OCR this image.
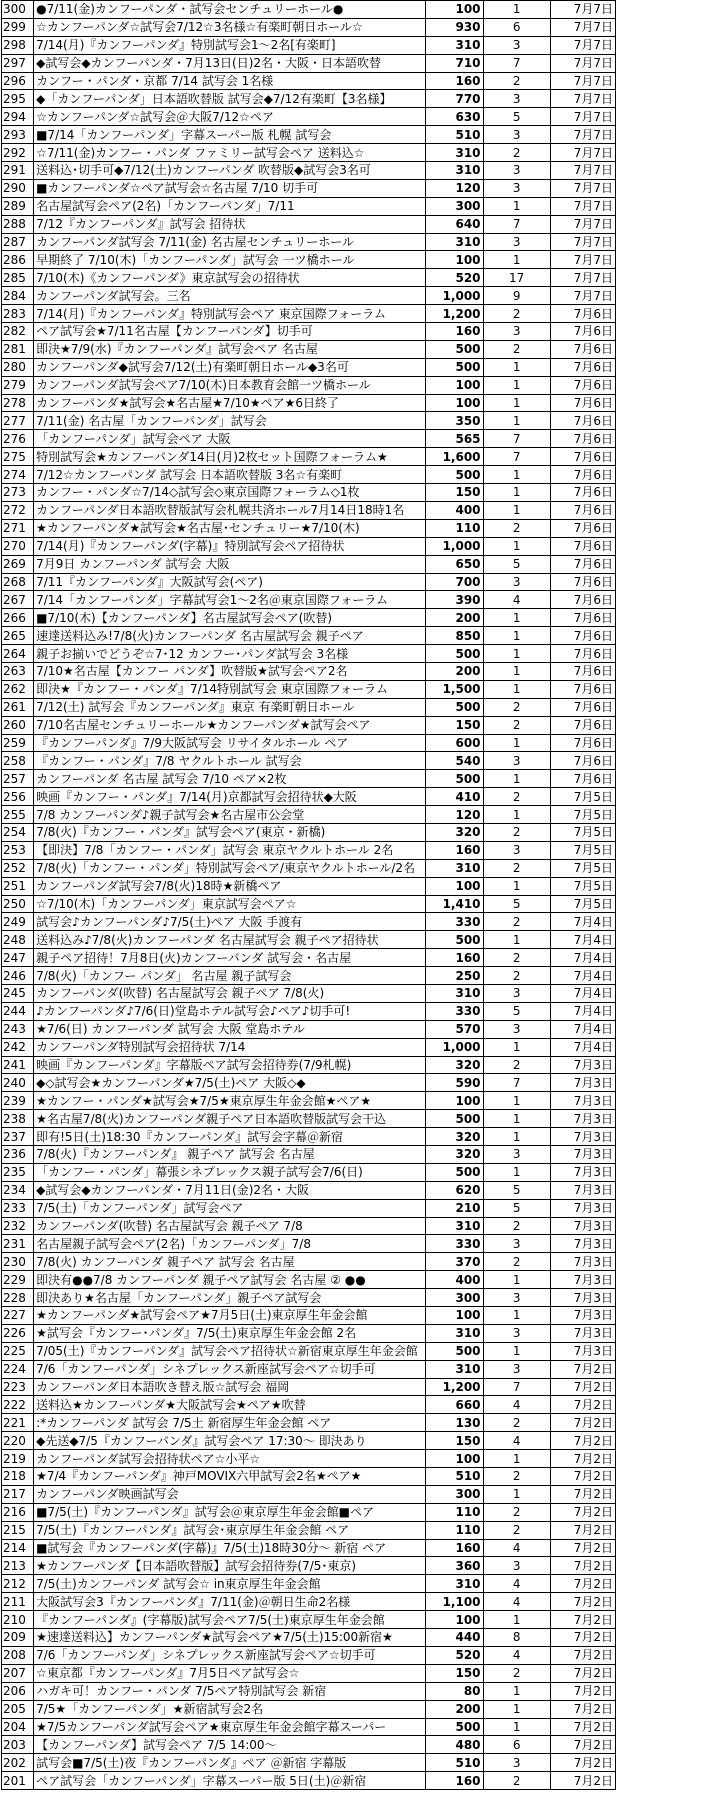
300	●7/11(金)カンフーパンダ・試写会センチュリーホール●	100	1	7月7日
299	☆カンフーパンダ☆試写会7/12☆3名様☆有楽町朝日ホール☆	930	6	7月7日
298	7/14(月)『カンフーパンダ』特別試写会1～2名[有楽町]	310	3	7月7日
297	◆試写会◆カンフーパンダ・7月13日(日)2名・大阪・日本語吹替	710	7	7月7日
296	カンフー・パンダ・京都 7/14 試写会 1名様	160	2	7月7日
295	◆「カンフーパンダ」日本語吹替版 試写会◆7/12有楽町【3名様】	770	3	7月7日
294	☆カンフーパンダ☆試写会＠大阪7/12☆ペア	630	5	7月7日
293	■7/14「カンフーパンダ」字幕スーパー版 札幌 試写会	510	3	7月7日
292	☆7/11(金)カンフー・パンダ ファミリー試写会ペア 送料込☆	310	2	7月7日
291	送料込･切手可◆7/12(土)カンフーパンダ 吹替版◆試写会3名可	310	3	7月7日
290	■カンフーパンダ☆ペア試写会☆名古屋 7/10 切手可	120	3	7月7日
289	名古屋試写会ペア(2名)「カンフーパンダ」7/11	300	1	7月7日
288	7/12『カンフーパンダ』試写会 招待状	640	7	7月7日
287	カンフーパンダ試写会 7/11(金) 名古屋センチュリーホール	310	3	7月7日
286	早期終了 7/10(木)「カンフーパンダ」試写会 一ツ橋ホール	100	1	7月7日
285	7/10(木)《カンフーパンダ》東京試写会の招待状	520	17	7月7日
284	カンフーパンダ試写会。三名	1,000	9	7月7日
283	7/14(月)『カンフーパンダ』特別試写会ペア 東京国際フォーラム	1,200	2	7月6日
282	ペア試写会★7/11名古屋【カンフーパンダ】切手可	160	3	7月6日
281	即決★7/9(水)『カンフーパンダ』試写会ペア 名古屋	500	2	7月6日
280	カンフーパンダ◆試写会7/12(土)有楽町朝日ホール◆3名可	500	1	7月6日
279	カンフーパンダ試写会ペア7/10(木)日本教育会館一ツ橋ホール	100	1	7月6日
278	カンフーパンダ★試写会★名古屋★7/10★ペア★6日終了	100	1	7月6日
277	7/11(金) 名古屋「カンフーパンダ」試写会	350	1	7月6日
276	「カンフーパンダ」試写会ペア 大阪	565	7	7月6日
275	特別試写会★カンフーパンダ14日(月)2枚セット国際フォーラム★	1,600	7	7月6日
274	7/12☆カンフーパンダ 試写会 日本語吹替版 3名☆有楽町	500	1	7月6日
273	カンフー・パンダ☆7/14◇試写会◇東京国際フォーラム◇1枚	150	1	7月6日
272	カンフーパンダ日本語吹替版試写会札幌共済ホール7月14日18時1名	400	1	7月6日
271	★カンフーパンダ★試写会★名古屋･センチュリー★7/10(木)	110	2	7月6日
270	7/14(月)『カンフーパンダ(字幕)』特別試写会ペア招待状	1,000	1	7月6日
269	7月9日 カンフーパンダ 試写会 大阪	650	5	7月6日
268	7/11『カンフーパンダ』大阪試写会(ペア)	700	3	7月6日
267	7/14「カンフーパンダ」字幕試写会1～2名＠東京国際フォーラム	390	4	7月6日
266	■7/10(木)【カンフーパンダ】名古屋試写会ペア(吹替)	200	1	7月6日
265	速達送料込み!7/8(火)カンフーパンダ 名古屋試写会 親子ペア	850	1	7月6日
264	親子お揃いでどうぞ☆7･12 カンフー･パンダ試写会 3名様	500	1	7月6日
263	7/10★名古屋【カンフー パンダ】吹替版★試写会ペア2名	200	1	7月6日
262	即決★『カンフー・パンダ』7/14特別試写会 東京国際フォーラム	1,500	1	7月6日
261	7/12(土) 試写会『カンフーパンダ』東京 有楽町朝日ホール	500	2	7月6日
260	7/10名古屋センチュリーホール★カンフーパンダ★試写会ペア	150	2	7月6日
259	『カンフーパンダ』7/9大阪試写会 リサイタルホール ペア	600	1	7月6日
258	『カンフー・パンダ』7/8 ヤクルトホール 試写会	540	3	7月6日
257	カンフーパンダ 名古屋 試写会 7/10 ペア×2枚	500	1	7月6日
256	映画『カンフー・パンダ』7/14(月)京都試写会招待状◆大阪	410	2	7月5日
255	7/8 カンフーパンダ♪親子試写会★名古屋市公会堂	120	1	7月5日
254	7/8(火)『カンフー・パンダ』試写会ペア(東京・新橋)	320	2	7月5日
253	【即決】7/8「カンフー・パンダ」試写会 東京ヤクルトホール 2名	160	3	7月5日
252	7/8(火)「カンフー・パンダ」特別試写会ペア/東京ヤクルトホール/2名	310	2	7月5日
251	カンフーパンダ試写会7/8(火)18時★新橋ペア	100	1	7月5日
250	☆7/10(木)「カンフーパンダ」東京試写会ペア☆	1,410	5	7月5日
249	試写会♪カンフーパンダ♪7/5(土)ペア 大阪 手渡有	330	2	7月4日
248	送料込み♪7/8(火)カンフーパンダ 名古屋試写会 親子ペア招待状	500	1	7月4日
247	親子ペア招待！7月8日(火)カンフーパンダ 試写会・名古屋	160	2	7月4日
246	7/8(火)「カンフー パンダ」 名古屋 親子試写会	250	2	7月4日
245	カンフーパンダ(吹替) 名古屋試写会 親子ペア 7/8(火)	310	3	7月4日
244	♪カンフーパンダ♪7/6(日)堂島ホテル試写会♪ペア♪切手可!	330	5	7月4日
243	★7/6(日) カンフーパンダ 試写会 大阪 堂島ホテル	570	3	7月4日
242	カンフーパンダ特別試写会招待状 7/14	1,000	1	7月4日
241	映画『カンフーパンダ』字幕版ペア試写会招待券(7/9札幌)	320	2	7月3日
240	◆◇試写会★カンフーパンダ★7/5(土)ペア 大阪◇◆	590	7	7月3日
239	★カンフー・パンダ★試写会★7/5★東京厚生年金会館★ペア★	100	1	7月3日
238	★名古屋7/8(火)カンフーパンダ親子ペア日本語吹替版試写会干込	500	1	7月3日
237	即有!5日(土)18:30『カンフーパンダ』試写会字幕＠新宿	320	1	7月3日
236	7/8(火)『カンフーパンダ』 親子ペア 試写会 名古屋	320	3	7月3日
235	「カンフー・パンダ」幕張シネプレックス親子試写会7/6(日)	500	1	7月3日
234	◆試写会◆カンフーパンダ・7月11日(金)2名・大阪	620	5	7月3日
233	7/5(土)「カンフーパンダ」試写会ペア	210	5	7月3日
232	カンフーパンダ(吹替) 名古屋試写会 親子ペア 7/8	310	2	7月3日
231	名古屋親子試写会ペア(2名)「カンフーパンダ」7/8	330	3	7月3日
230	7/8(火) カンフーパンダ 親子ペア 試写会 名古屋	370	2	7月3日
229	即決有●●7/8 カンフーパンダ 親子ペア試写会 名古屋 ② ●●	400	1	7月3日
228	即決あり★名古屋「カンフーパンダ」親子ペア試写会	300	3	7月3日
227	★カンフーパンダ★試写会ペア★7月5日(土)東京厚生年金会館	100	1	7月3日
226	★試写会『カンフー･パンダ』7/5(土)東京厚生年金会館 2名	310	3	7月3日
225	7/05(土)『カンフーパンダ』試写会ペア招待状☆新宿東京厚生年金会館	500	1	7月3日
224	7/6「カンフーパンダ」シネプレックス新座試写会ペア☆切手可	310	3	7月2日
223	カンフーパンダ日本語吹き替え版☆試写会 福岡	1,200	7	7月2日
222	送料込★カンフーパンダ★大阪試写会★ペア★吹替	660	4	7月2日
221	:*カンフーパンダ 試写会 7/5土 新宿厚生年金会館 ペア	130	2	7月2日
220	◆先送◆7/5『カンフーパンダ』試写会ペア 17:30～ 即決あり	150	4	7月2日
219	カンフーパンダ試写会招待状ペア☆小平☆	100	1	7月2日
218	★7/4『カンフーパンダ』神戸MOVIX六甲試写会2名★ペア★	510	2	7月2日
217	カンフーパンダ映画試写会	300	1	7月2日
216	■7/5(土)『カンフーパンダ』試写会＠東京厚生年金会館■ペア	110	2	7月2日
215	7/5(土)『カンフーパンダ』試写会･東京厚生年金会館 ペア	110	2	7月2日
214	■試写会『カンフーパンダ(字幕)』7/5(土)18時30分～ 新宿 ペア	160	4	7月2日
213	★カンフーパンダ【日本語吹替版】試写会招待券(7/5･東京)	360	3	7月2日
212	7/5(土)カンフーパンダ 試写会☆ in東京厚生年金会館	310	4	7月2日
211	大阪試写会3『カンフーパンダ』7/11(金)＠朝日生命2名様	1,100	4	7月2日
210	『カンフーパンダ』(字幕版)試写会ペア7/5(土)東京厚生年金会館	100	1	7月2日
209	★速達送料込】カンフーパンダ★試写会ペア★7/5(土)15:00新宿★	440	8	7月2日
208	7/6「カンフーパンダ」シネプレックス新座試写会ペア☆切手可	520	4	7月2日
207	☆東京都『カンフーパンダ』7月5日ペア試写会☆	150	2	7月2日
206	ハガキ可！カンフー・パンダ 7/5ペア特別試写会 新宿	80	1	7月2日
205	7/5★「カンフーパンダ」★新宿試写会2名	200	1	7月2日
204	★7/5カンフーパンダ試写会ペア★東京厚生年金会館字幕スーパー	500	1	7月2日
203	【カンフーパンダ】試写会ペア 7/5 14:00～	480	6	7月2日
202	試写会■7/5(土)夜『カンフーパンダ』ペア ＠新宿 字幕版	510	3	7月2日
201	ペア試写会「カンフーパンダ」字幕スーパー版 5日(土)＠新宿	160	2	7月2日
